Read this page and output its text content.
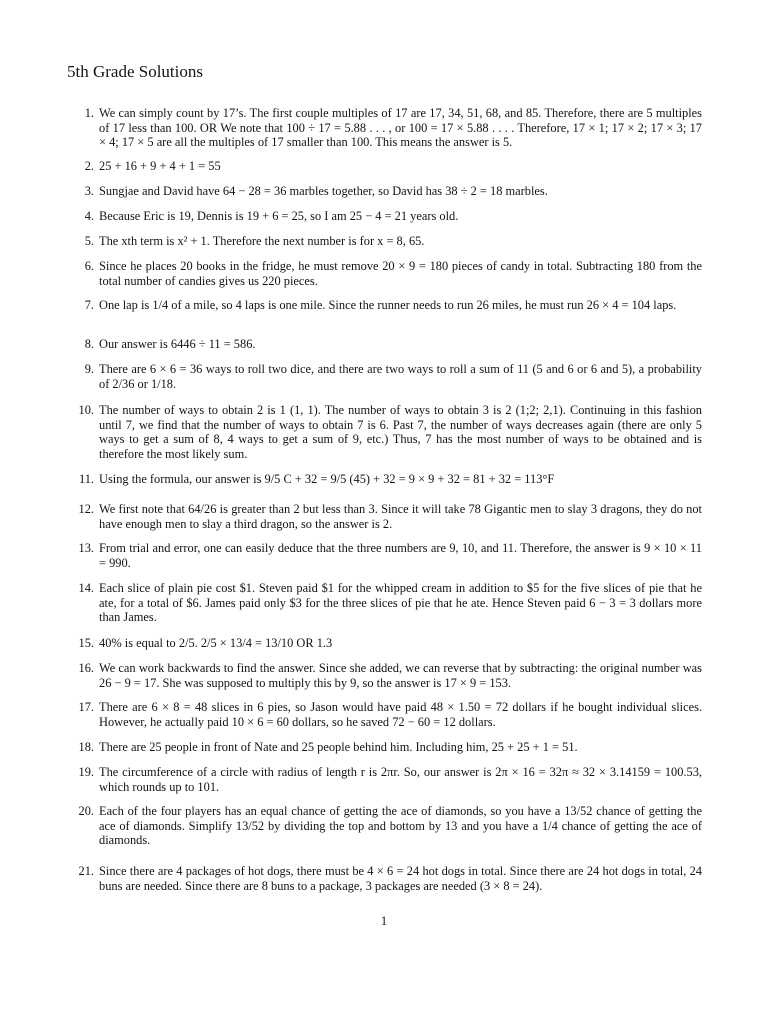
5th Grade Solutions
1. We can simply count by 17’s. The first couple multiples of 17 are 17, 34, 51, 68, and 85. Therefore, there are 5 multiples of 17 less than 100. OR We note that 100 ÷ 17 = 5.88 . . . , or 100 = 17 × 5.88 . . . . Therefore, 17 × 1; 17 × 2; 17 × 3; 17 × 4; 17 × 5 are all the multiples of 17 smaller than 100. This means the answer is 5.
2. 25 + 16 + 9 + 4 + 1 = 55
3. Sungjae and David have 64 − 28 = 36 marbles together, so David has 38 ÷ 2 = 18 marbles.
4. Because Eric is 19, Dennis is 19 + 6 = 25, so I am 25 − 4 = 21 years old.
5. The xth term is x² + 1. Therefore the next number is for x = 8, 65.
6. Since he places 20 books in the fridge, he must remove 20 × 9 = 180 pieces of candy in total. Subtracting 180 from the total number of candies gives us 220 pieces.
7. One lap is 1/4 of a mile, so 4 laps is one mile. Since the runner needs to run 26 miles, he must run 26 × 4 = 104 laps.
8. Our answer is 6446 ÷ 11 = 586.
9. There are 6 × 6 = 36 ways to roll two dice, and there are two ways to roll a sum of 11 (5 and 6 or 6 and 5), a probability of 2/36 or 1/18.
10. The number of ways to obtain 2 is 1 (1, 1). The number of ways to obtain 3 is 2 (1;2; 2,1). Continuing in this fashion until 7, we find that the number of ways to obtain 7 is 6. Past 7, the number of ways decreases again (there are only 5 ways to get a sum of 8, 4 ways to get a sum of 9, etc.) Thus, 7 has the most number of ways to be obtained and is therefore the most likely sum.
11. Using the formula, our answer is 9/5 C + 32 = 9/5 (45) + 32 = 9 × 9 + 32 = 81 + 32 = 113°F
12. We first note that 64/26 is greater than 2 but less than 3. Since it will take 78 Gigantic men to slay 3 dragons, they do not have enough men to slay a third dragon, so the answer is 2.
13. From trial and error, one can easily deduce that the three numbers are 9, 10, and 11. Therefore, the answer is 9 × 10 × 11 = 990.
14. Each slice of plain pie cost $1. Steven paid $1 for the whipped cream in addition to $5 for the five slices of pie that he ate, for a total of $6. James paid only $3 for the three slices of pie that he ate. Hence Steven paid 6 − 3 = 3 dollars more than James.
15. 40% is equal to 2/5. 2/5 × 13/4 = 13/10 OR 1.3
16. We can work backwards to find the answer. Since she added, we can reverse that by subtracting: the original number was 26 − 9 = 17. She was supposed to multiply this by 9, so the answer is 17 × 9 = 153.
17. There are 6 × 8 = 48 slices in 6 pies, so Jason would have paid 48 × 1.50 = 72 dollars if he bought individual slices. However, he actually paid 10 × 6 = 60 dollars, so he saved 72 − 60 = 12 dollars.
18. There are 25 people in front of Nate and 25 people behind him. Including him, 25 + 25 + 1 = 51.
19. The circumference of a circle with radius of length r is 2πr. So, our answer is 2π × 16 = 32π ≈ 32 × 3.14159 = 100.53, which rounds up to 101.
20. Each of the four players has an equal chance of getting the ace of diamonds, so you have a 13/52 chance of getting the ace of diamonds. Simplify 13/52 by dividing the top and bottom by 13 and you have a 1/4 chance of getting the ace of diamonds.
21. Since there are 4 packages of hot dogs, there must be 4 × 6 = 24 hot dogs in total. Since there are 24 hot dogs in total, 24 buns are needed. Since there are 8 buns to a package, 3 packages are needed (3 × 8 = 24).
1
